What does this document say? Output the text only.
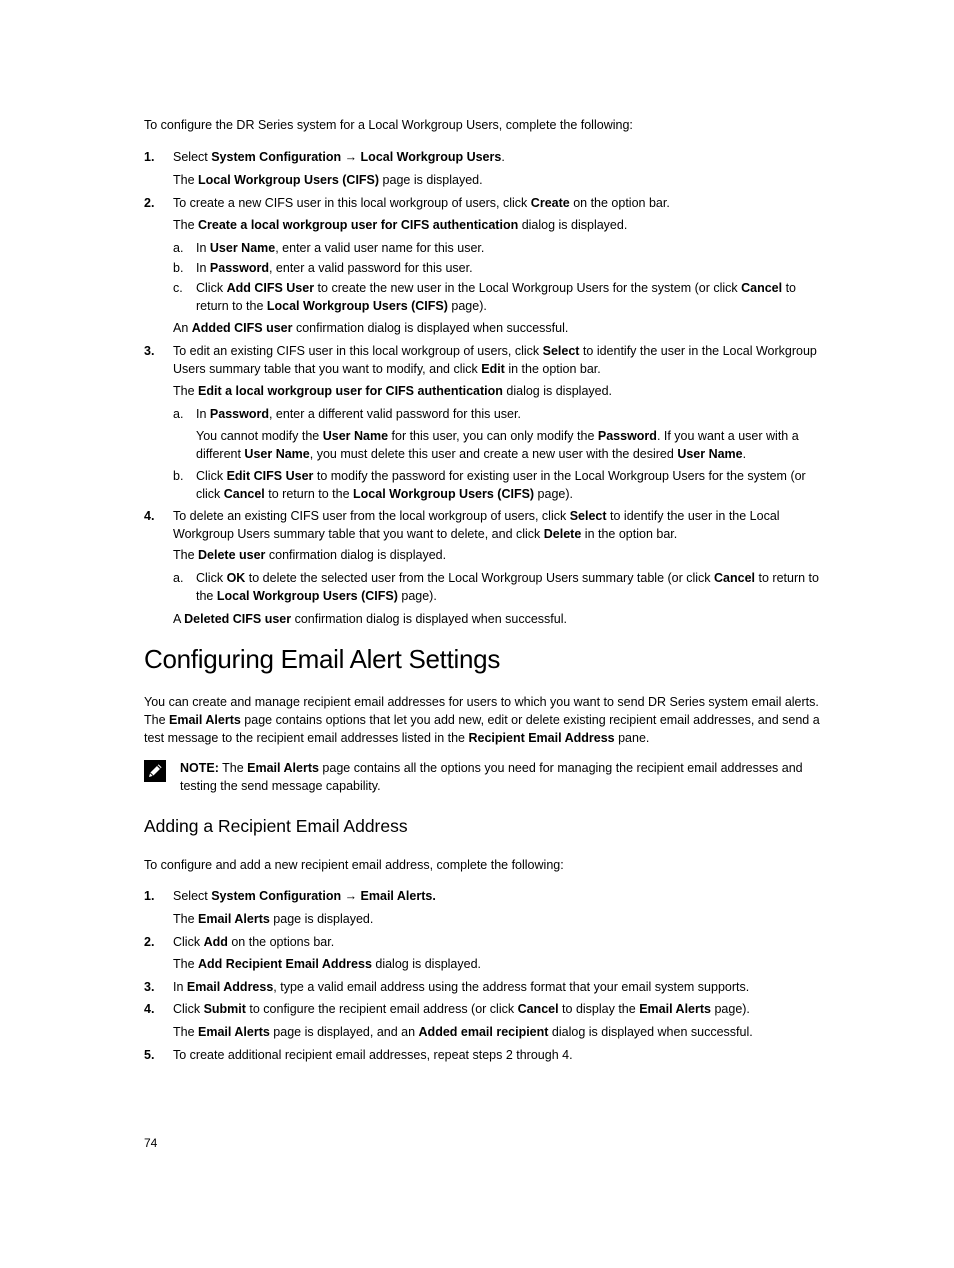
To configure the DR Series system for a Local Workgroup Users, complete the following:

1. Select System Configuration → Local Workgroup Users.
The Local Workgroup Users (CIFS) page is displayed.
2. To create a new CIFS user in this local workgroup of users, click Create on the option bar.
The Create a local workgroup user for CIFS authentication dialog is displayed.
a. In User Name, enter a valid user name for this user.
b. In Password, enter a valid password for this user.
c. Click Add CIFS User to create the new user in the Local Workgroup Users for the system (or click Cancel to return to the Local Workgroup Users (CIFS) page).
An Added CIFS user confirmation dialog is displayed when successful.
3. To edit an existing CIFS user in this local workgroup of users, click Select to identify the user in the Local Workgroup Users summary table that you want to modify, and click Edit in the option bar.
The Edit a local workgroup user for CIFS authentication dialog is displayed.
a. In Password, enter a different valid password for this user.
You cannot modify the User Name for this user, you can only modify the Password. If you want a user with a different User Name, you must delete this user and create a new user with the desired User Name.
b. Click Edit CIFS User to modify the password for existing user in the Local Workgroup Users for the system (or click Cancel to return to the Local Workgroup Users (CIFS) page).
4. To delete an existing CIFS user from the local workgroup of users, click Select to identify the user in the Local Workgroup Users summary table that you want to delete, and click Delete in the option bar.
The Delete user confirmation dialog is displayed.
a. Click OK to delete the selected user from the Local Workgroup Users summary table (or click Cancel to return to the Local Workgroup Users (CIFS) page).
A Deleted CIFS user confirmation dialog is displayed when successful.
Configuring Email Alert Settings

You can create and manage recipient email addresses for users to which you want to send DR Series system email alerts. The Email Alerts page contains options that let you add new, edit or delete existing recipient email addresses, and send a test message to the recipient email addresses listed in the Recipient Email Address pane.

NOTE: The Email Alerts page contains all the options you need for managing the recipient email addresses and testing the send message capability.
Adding a Recipient Email Address

To configure and add a new recipient email address, complete the following:

1. Select System Configuration → Email Alerts.
The Email Alerts page is displayed.
2. Click Add on the options bar.
The Add Recipient Email Address dialog is displayed.
3. In Email Address, type a valid email address using the address format that your email system supports.
4. Click Submit to configure the recipient email address (or click Cancel to display the Email Alerts page).
The Email Alerts page is displayed, and an Added email recipient dialog is displayed when successful.
5. To create additional recipient email addresses, repeat steps 2 through 4.
74
